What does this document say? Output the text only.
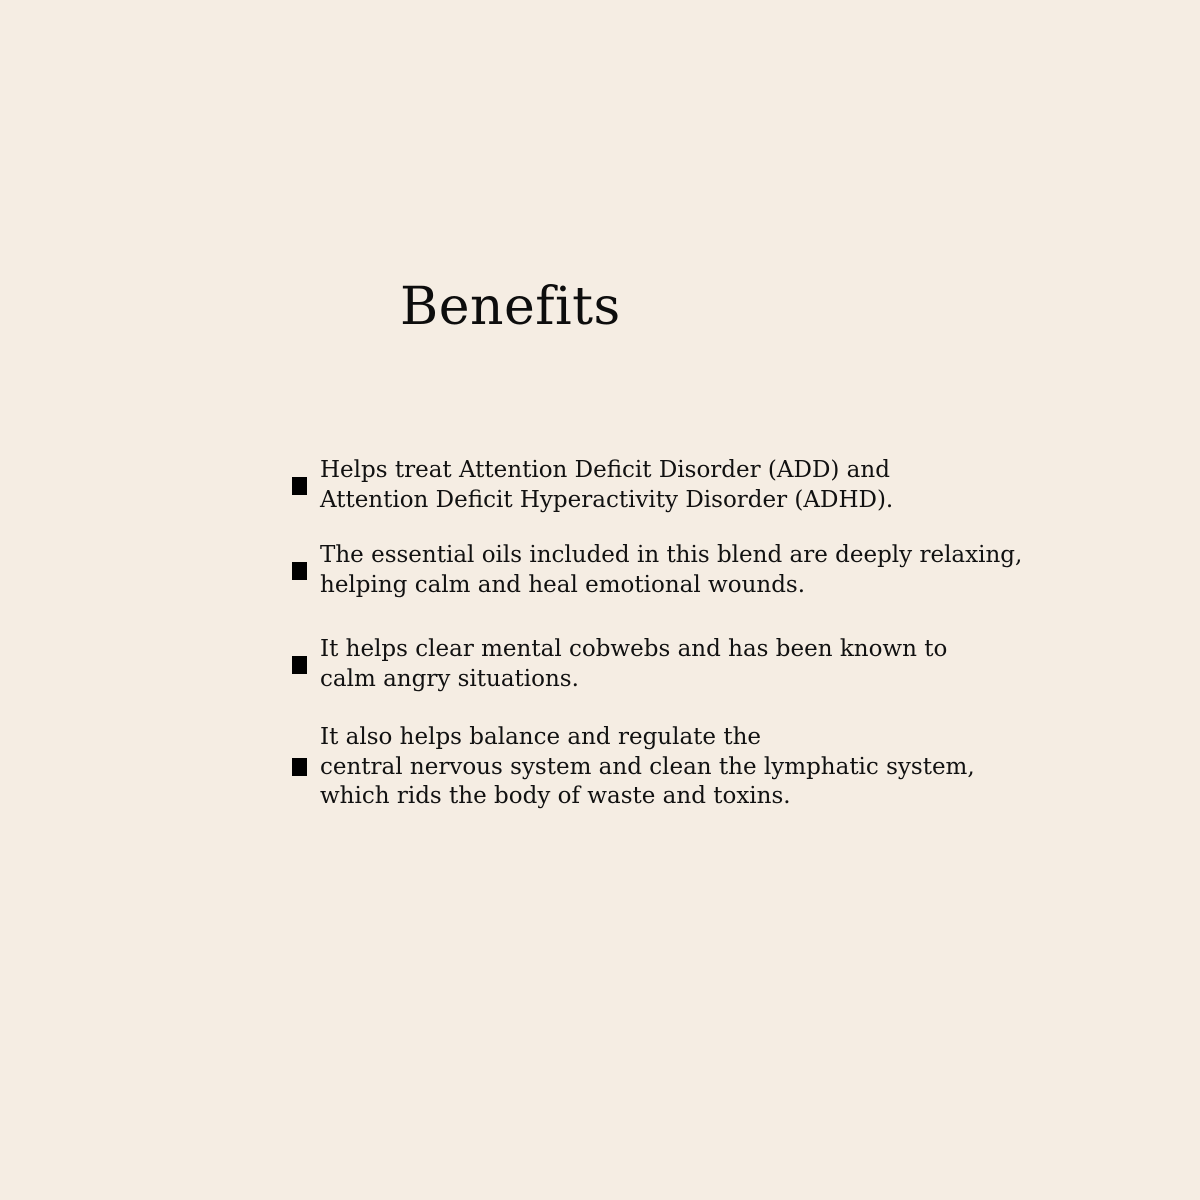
Benefits
Helps treat Attention Deficit Disorder (ADD) and
Attention Deficit Hyperactivity Disorder (ADHD).
The essential oils included in this blend are deeply relaxing,
helping calm and heal emotional wounds.
It helps clear mental cobwebs and has been known to
calm angry situations.
It also helps balance and regulate the
central nervous system and clean the lymphatic system,
which rids the body of waste and toxins.
